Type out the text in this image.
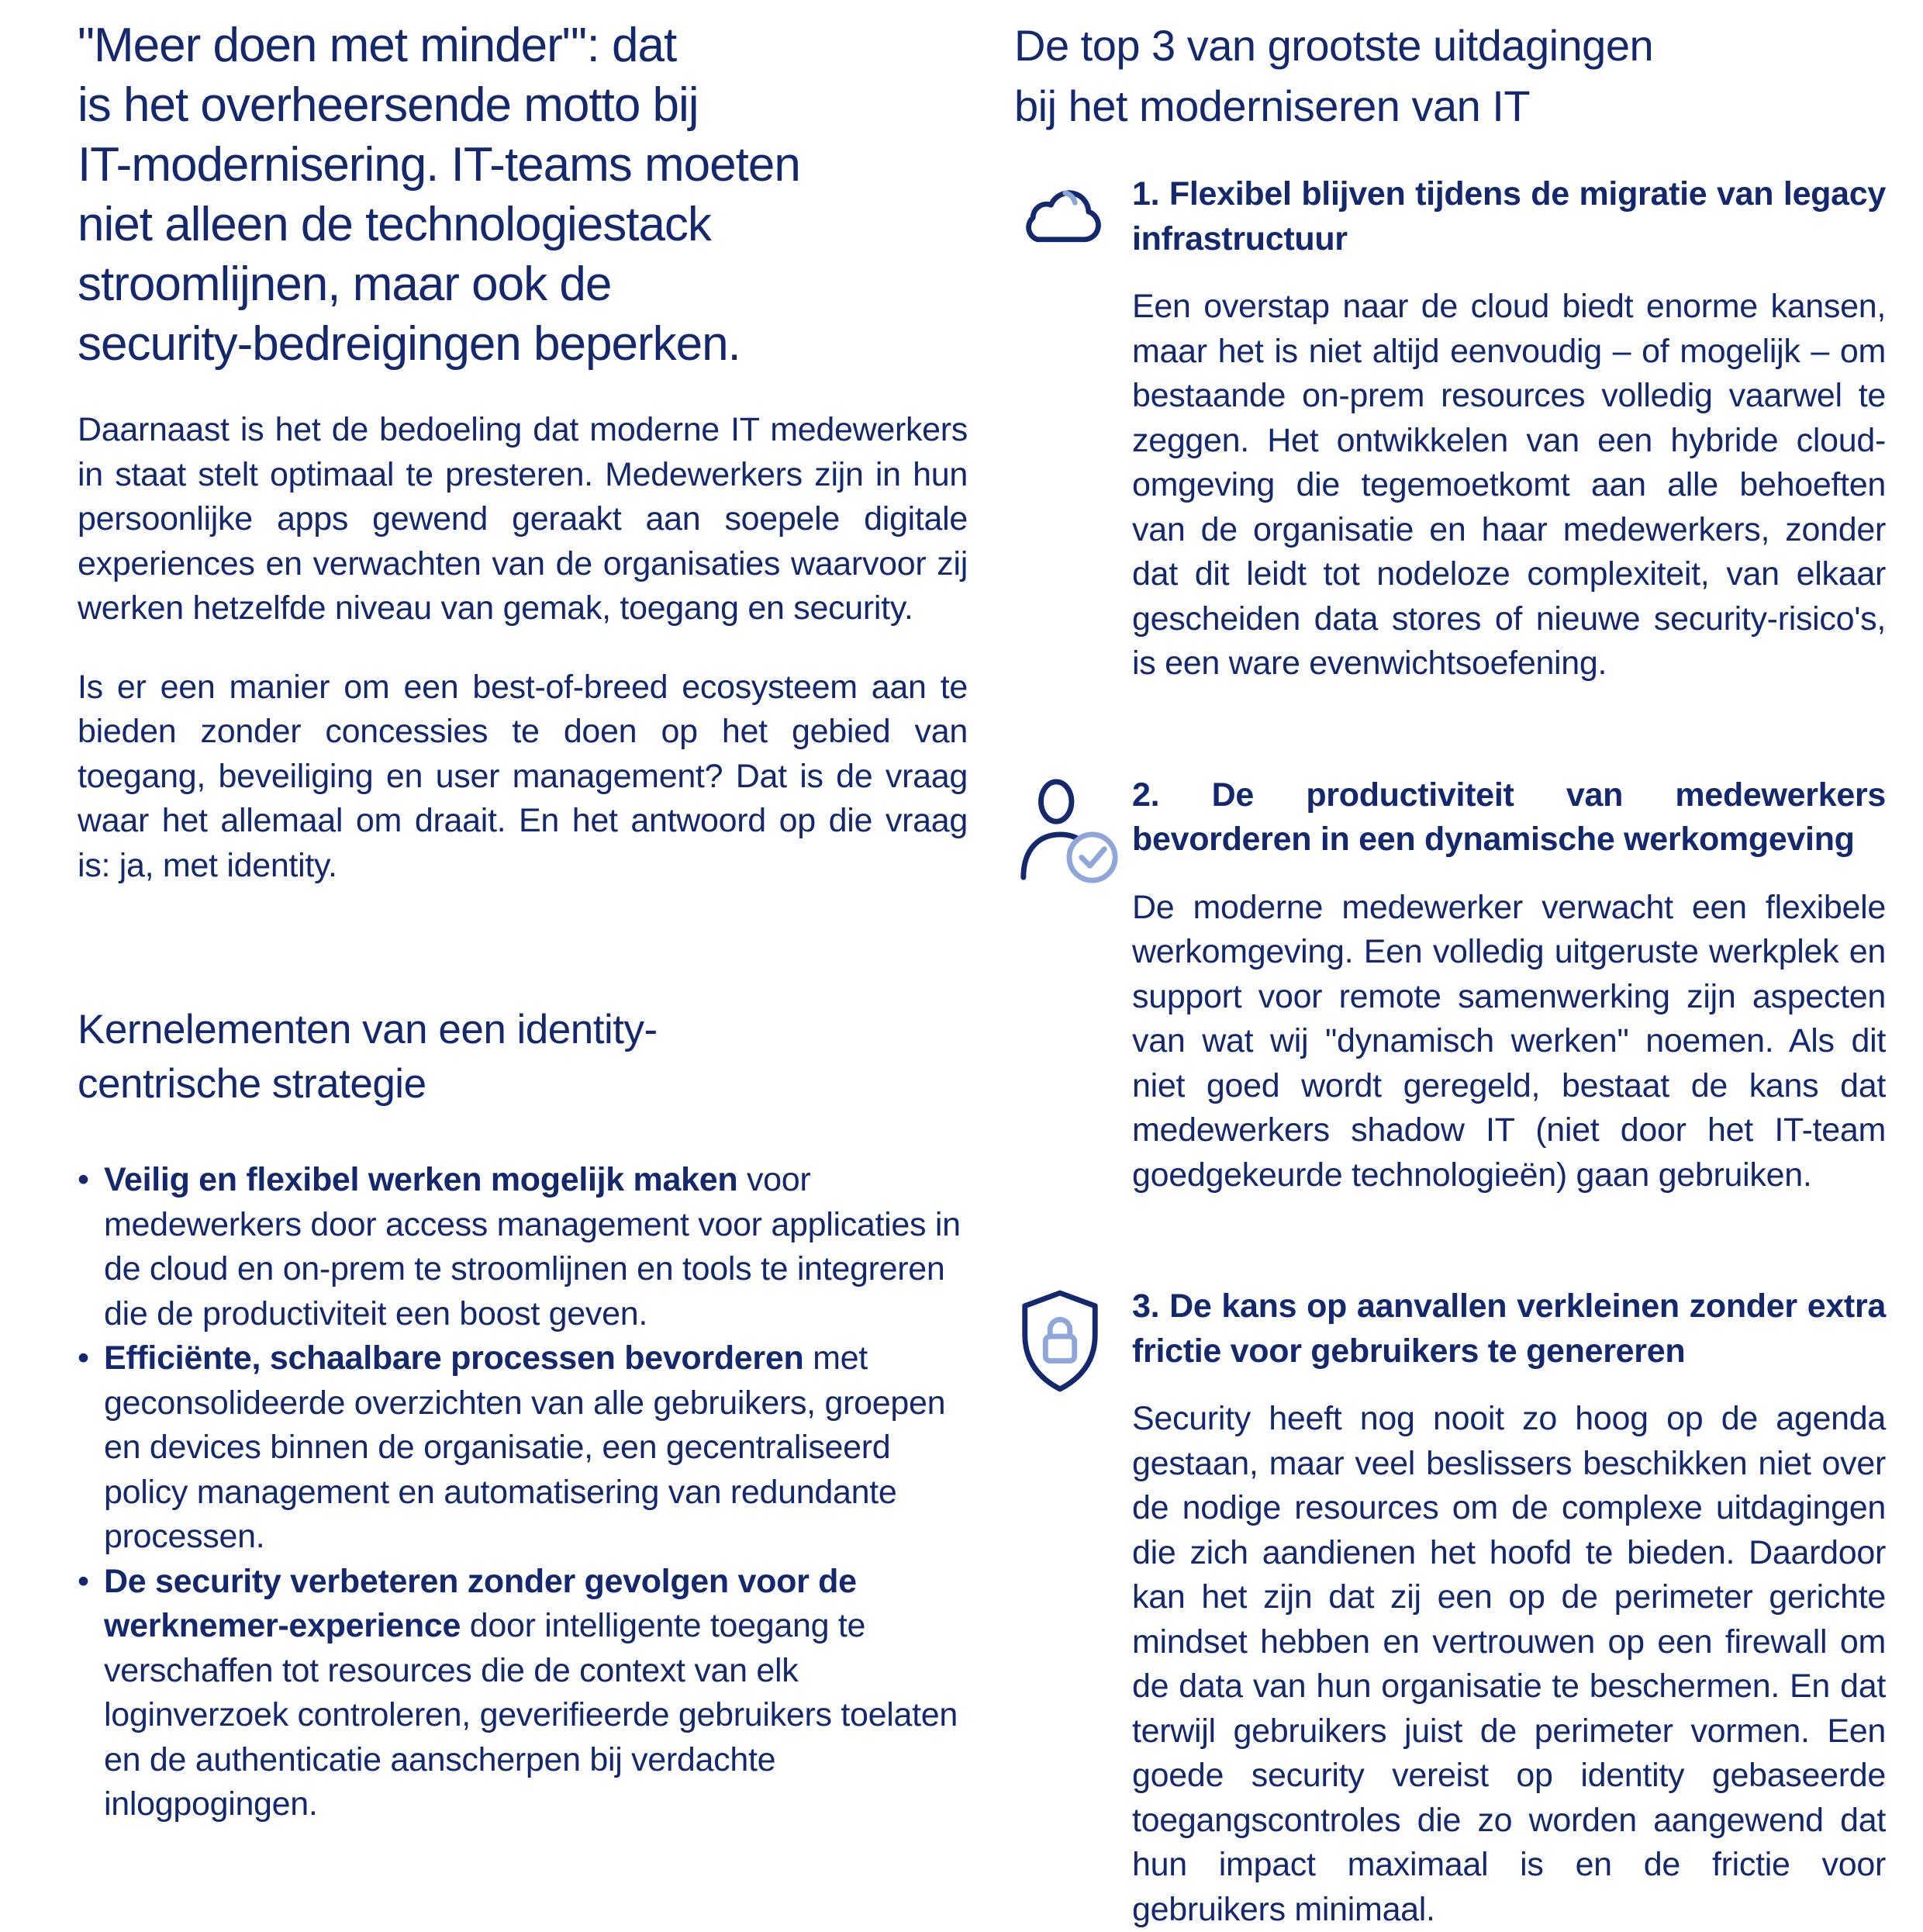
"Meer doen met minder"': dat
is het overheersende motto bij
IT-modernisering. IT-teams moeten
niet alleen de technologiestack
stroomlijnen, maar ook de
security-bedreigingen beperken.

Daarnaast is het de bedoeling dat moderne IT medewerkers in staat stelt optimaal te presteren. Medewerkers zijn in hun persoonlijke apps gewend geraakt aan soepele digitale experiences en verwachten van de organisaties waarvoor zij werken hetzelfde niveau van gemak, toegang en security.

Is er een manier om een best-of-breed ecosysteem aan te bieden zonder concessies te doen op het gebied van toegang, beveiliging en user management? Dat is de vraag waar het allemaal om draait. En het antwoord op die vraag is: ja, met identity.

Kernelementen van een identity-
centrische strategie
• Veilig en flexibel werken mogelijk maken voor medewerkers door access management voor applicaties in de cloud en on-prem te stroomlijnen en tools te integreren die de productiviteit een boost geven.
• Efficiënte, schaalbare processen bevorderen met geconsolideerde overzichten van alle gebruikers, groepen en devices binnen de organisatie, een gecentraliseerd policy management en automatisering van redundante processen.
• De security verbeteren zonder gevolgen voor de werknemer-experience door intelligente toegang te verschaffen tot resources die de context van elk loginverzoek controleren, geverifieerde gebruikers toelaten en de authenticatie aanscherpen bij verdachte inlogpogingen.
De top 3 van grootste uitdagingen
bij het moderniseren van IT

1. Flexibel blijven tijdens de migratie van legacy infrastructuur

Een overstap naar de cloud biedt enorme kansen, maar het is niet altijd eenvoudig – of mogelijk – om bestaande on-prem resources volledig vaarwel te zeggen. Het ontwikkelen van een hybride cloud-omgeving die tegemoetkomt aan alle behoeften van de organisatie en haar medewerkers, zonder dat dit leidt tot nodeloze complexiteit, van elkaar gescheiden data stores of nieuwe security-risico's, is een ware evenwichtsoefening.

2. De productiviteit van medewerkers bevorderen in een dynamische werkomgeving

De moderne medewerker verwacht een flexibele werkomgeving. Een volledig uitgeruste werkplek en support voor remote samenwerking zijn aspecten van wat wij "dynamisch werken" noemen. Als dit niet goed wordt geregeld, bestaat de kans dat medewerkers shadow IT (niet door het IT-team goedgekeurde technologieën) gaan gebruiken.

3. De kans op aanvallen verkleinen zonder extra frictie voor gebruikers te genereren

Security heeft nog nooit zo hoog op de agenda gestaan, maar veel beslissers beschikken niet over de nodige resources om de complexe uitdagingen die zich aandienen het hoofd te bieden. Daardoor kan het zijn dat zij een op de perimeter gerichte mindset hebben en vertrouwen op een firewall om de data van hun organisatie te beschermen. En dat terwijl gebruikers juist de perimeter vormen. Een goede security vereist op identity gebaseerde toegangscontroles die zo worden aangewend dat hun impact maximaal is en de frictie voor gebruikers minimaal.
